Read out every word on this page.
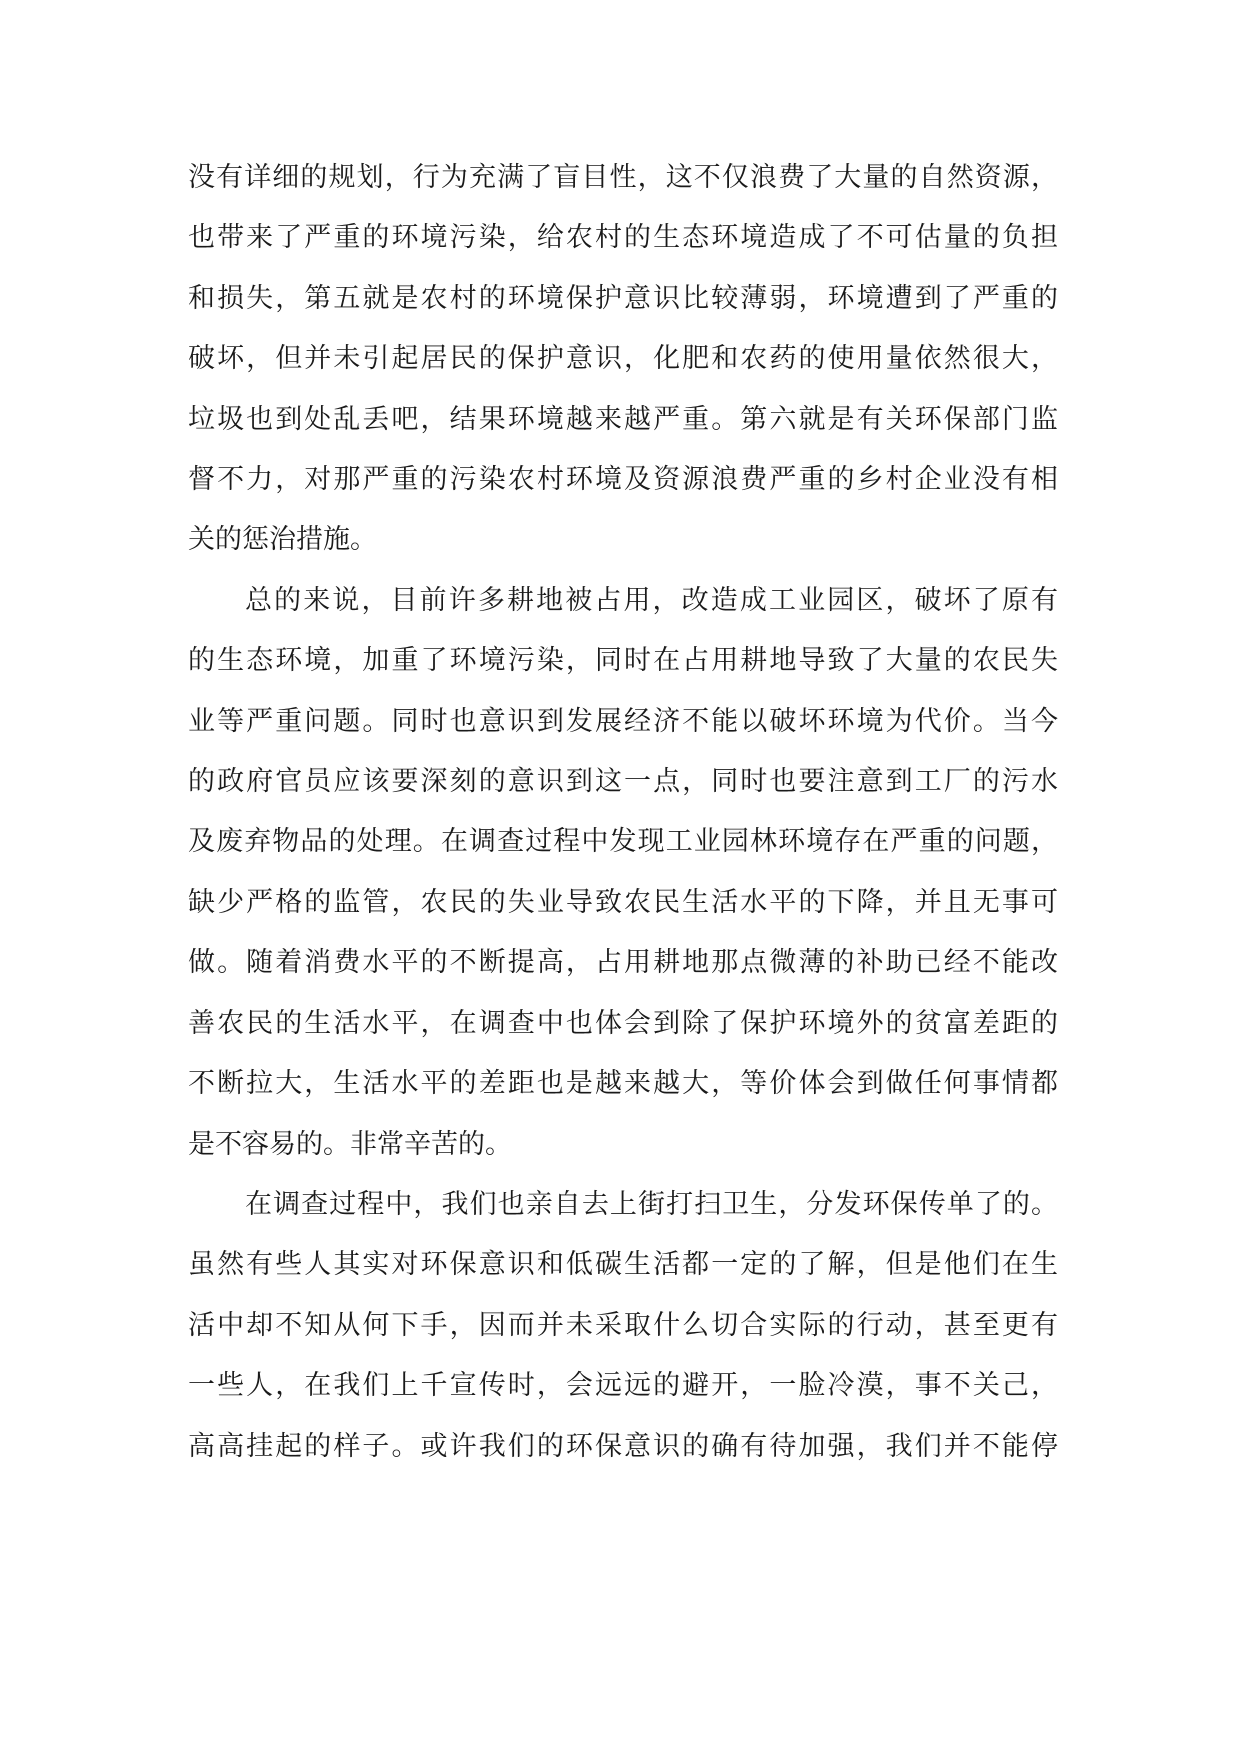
没有详细的规划，行为充满了盲目性，这不仅浪费了大量的自然资源，
也带来了严重的环境污染，给农村的生态环境造成了不可估量的负担
和损失，第五就是农村的环境保护意识比较薄弱，环境遭到了严重的
破坏，但并未引起居民的保护意识，化肥和农药的使用量依然很大，
垃圾也到处乱丢吧，结果环境越来越严重。第六就是有关环保部门监
督不力，对那严重的污染农村环境及资源浪费严重的乡村企业没有相
关的惩治措施。
总的来说，目前许多耕地被占用，改造成工业园区，破坏了原有
的生态环境，加重了环境污染，同时在占用耕地导致了大量的农民失
业等严重问题。同时也意识到发展经济不能以破坏环境为代价。当今
的政府官员应该要深刻的意识到这一点，同时也要注意到工厂的污水
及废弃物品的处理。在调查过程中发现工业园林环境存在严重的问题，
缺少严格的监管，农民的失业导致农民生活水平的下降，并且无事可
做。随着消费水平的不断提高，占用耕地那点微薄的补助已经不能改
善农民的生活水平，在调查中也体会到除了保护环境外的贫富差距的
不断拉大，生活水平的差距也是越来越大，等价体会到做任何事情都
是不容易的。非常辛苦的。
在调查过程中，我们也亲自去上街打扫卫生，分发环保传单了的。
虽然有些人其实对环保意识和低碳生活都一定的了解，但是他们在生
活中却不知从何下手，因而并未采取什么切合实际的行动，甚至更有
一些人，在我们上千宣传时，会远远的避开，一脸冷漠，事不关己，
高高挂起的样子。或许我们的环保意识的确有待加强，我们并不能停
